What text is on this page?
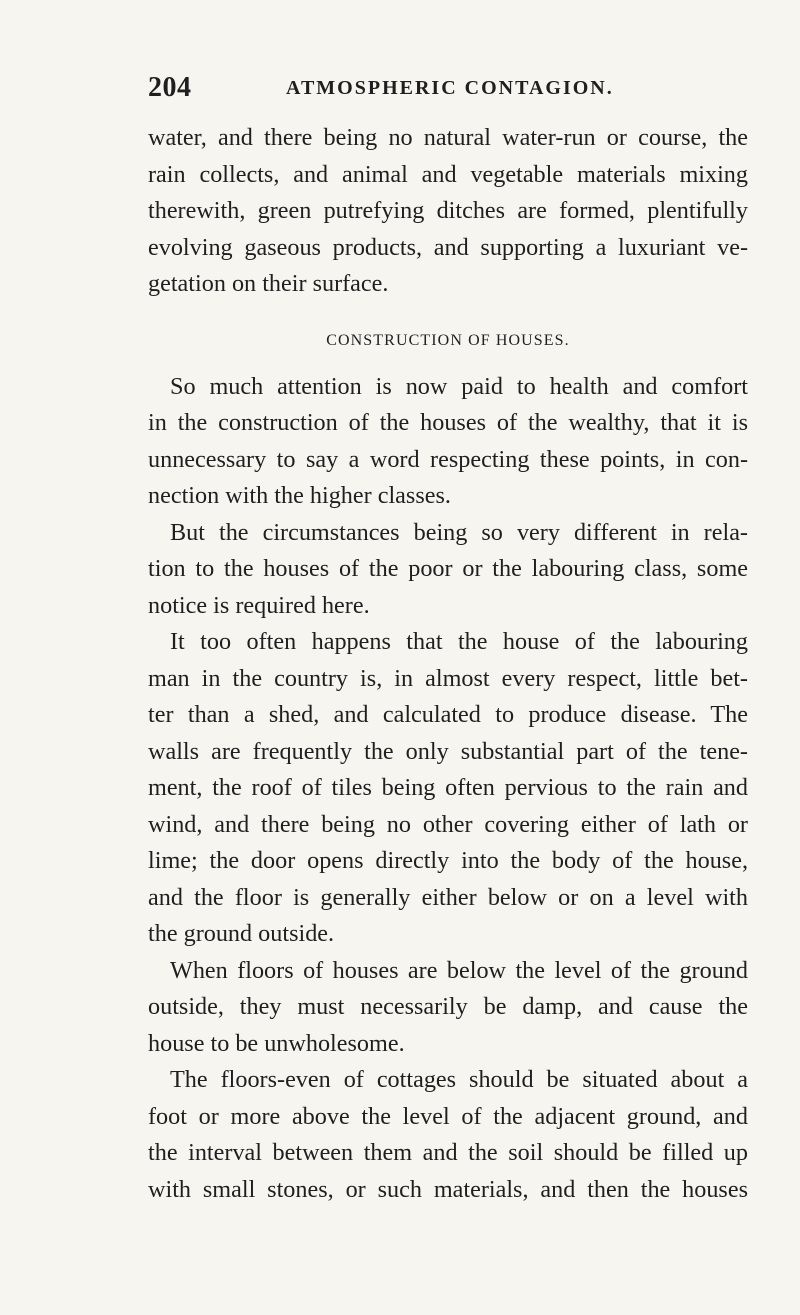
204	ATMOSPHERIC CONTAGION.
water, and there being no natural water-run or course, the
rain collects, and animal and vegetable materials mixing
therewith, green putrefying ditches are formed, plentifully
evolving gaseous products, and supporting a luxuriant ve-
getation on their surface.
CONSTRUCTION OF HOUSES.
So much attention is now paid to health and comfort
in the construction of the houses of the wealthy, that it is
unnecessary to say a word respecting these points, in con-
nection with the higher classes.
But the circumstances being so very different in rela-
tion to the houses of the poor or the labouring class, some
notice is required here.
It too often happens that the house of the labouring
man in the country is, in almost every respect, little bet-
ter than a shed, and calculated to produce disease. The
walls are frequently the only substantial part of the tene-
ment, the roof of tiles being often pervious to the rain and
wind, and there being no other covering either of lath or
lime; the door opens directly into the body of the house,
and the floor is generally either below or on a level with
the ground outside.
When floors of houses are below the level of the ground
outside, they must necessarily be damp, and cause the
house to be unwholesome.
The floors-even of cottages should be situated about a
foot or more above the level of the adjacent ground, and
the interval between them and the soil should be filled up
with small stones, or such materials, and then the houses
